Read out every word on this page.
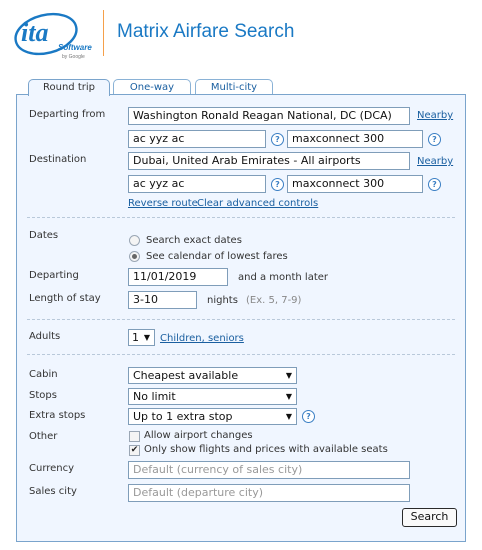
ita
Software
by Google
Matrix Airfare Search
Round trip	One-way	Multi-city
Departing from	Washington Ronald Reagan National, DC (DCA)	Nearby
ac yyz ac	?	maxconnect 300	?
Destination	Dubai, United Arab Emirates - All airports	Nearby
ac yyz ac	?	maxconnect 300	?
Reverse route Clear advanced controls
Dates	Search exact dates
See calendar of lowest fares
Departing	11/01/2019	and a month later
Length of stay	3-10	nights (Ex. 5, 7-9)
Adults	1 ▼ Children, seniors
Cabin	Cheapest available	▼
Stops	No limit	▼
Extra stops	Up to 1 extra stop	▼	?
Other	Allow airport changes
✔ Only show flights and prices with available seats
Currency	Default (currency of sales city)
Sales city	Default (departure city)
Search
